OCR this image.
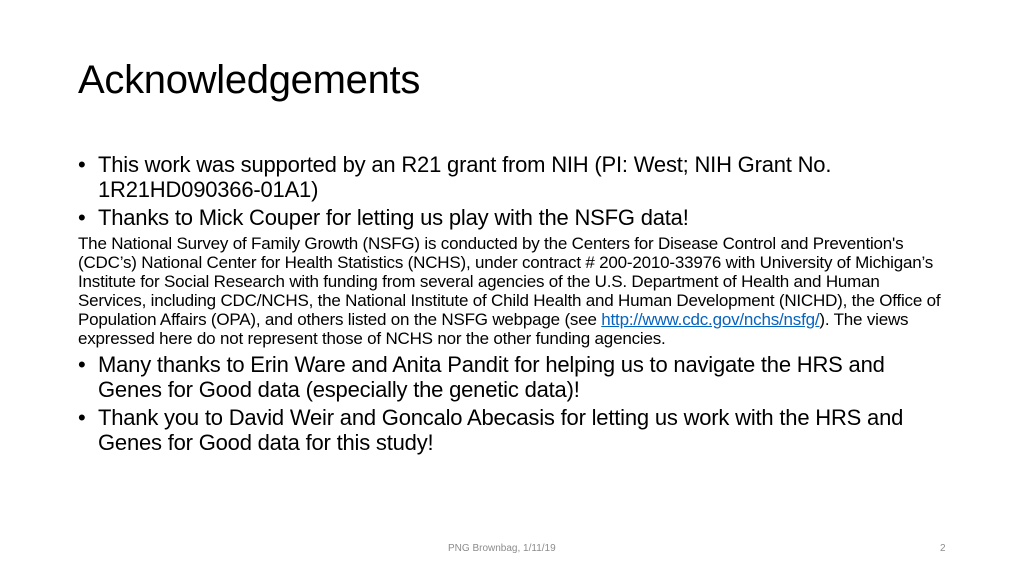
Acknowledgements
• This work was supported by an R21 grant from NIH (PI: West; NIH Grant No. 1R21HD090366-01A1)
• Thanks to Mick Couper for letting us play with the NSFG data!
The National Survey of Family Growth (NSFG) is conducted by the Centers for Disease Control and Prevention's (CDC’s) National Center for Health Statistics (NCHS), under contract # 200-2010-33976 with University of Michigan’s Institute for Social Research with funding from several agencies of the U.S. Department of Health and Human Services, including CDC/NCHS, the National Institute of Child Health and Human Development (NICHD), the Office of Population Affairs (OPA), and others listed on the NSFG webpage (see http://www.cdc.gov/nchs/nsfg/). The views expressed here do not represent those of NCHS nor the other funding agencies.
• Many thanks to Erin Ware and Anita Pandit for helping us to navigate the HRS and Genes for Good data (especially the genetic data)!
• Thank you to David Weir and Goncalo Abecasis for letting us work with the HRS and Genes for Good data for this study!
PNG Brownbag, 1/11/19	2
